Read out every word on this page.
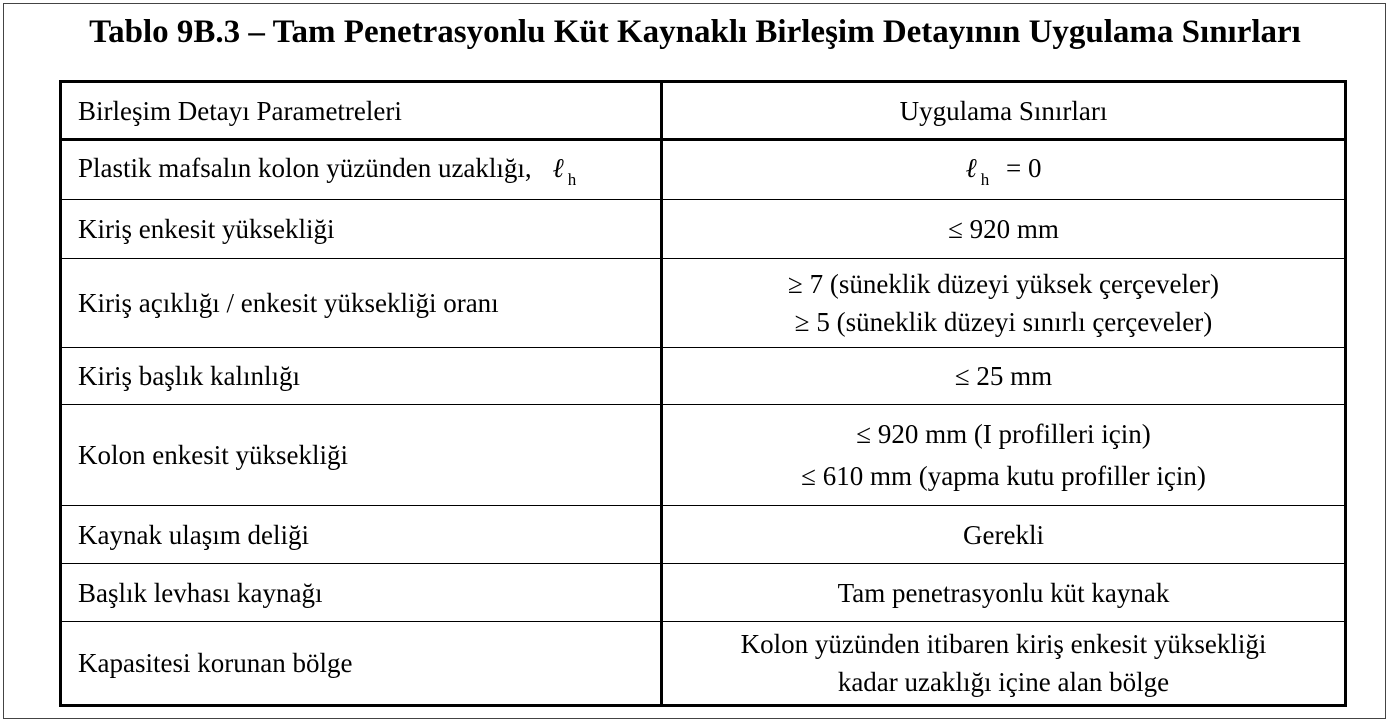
Tablo 9B.3 – Tam Penetrasyonlu Küt Kaynaklı Birleşim Detayının Uygulama Sınırları
Birleşim Detayı Parametreleri	Uygulama Sınırları
Plastik mafsalın kolon yüzünden uzaklığı, ℓ $_h$	ℓ $_h$ = 0
Kiriş enkesit yüksekliği	≤ 920 mm
Kiriş açıklığı / enkesit yüksekliği oranı	≥ 7 (süneklik düzeyi yüksek çerçeveler)
≥ 5 (süneklik düzeyi sınırlı çerçeveler)

Kiriş başlık kalınlığı	≤ 25 mm
Kolon enkesit yüksekliği	≤ 920 mm (I profilleri için)
≤ 610 mm (yapma kutu profiller için)

Kaynak ulaşım deliği	Gerekli
Başlık levhası kaynağı	Tam penetrasyonlu küt kaynak
Kapasitesi korunan bölge	Kolon yüzünden itibaren kiriş enkesit yüksekliği
kadar uzaklığı içine alan bölge
